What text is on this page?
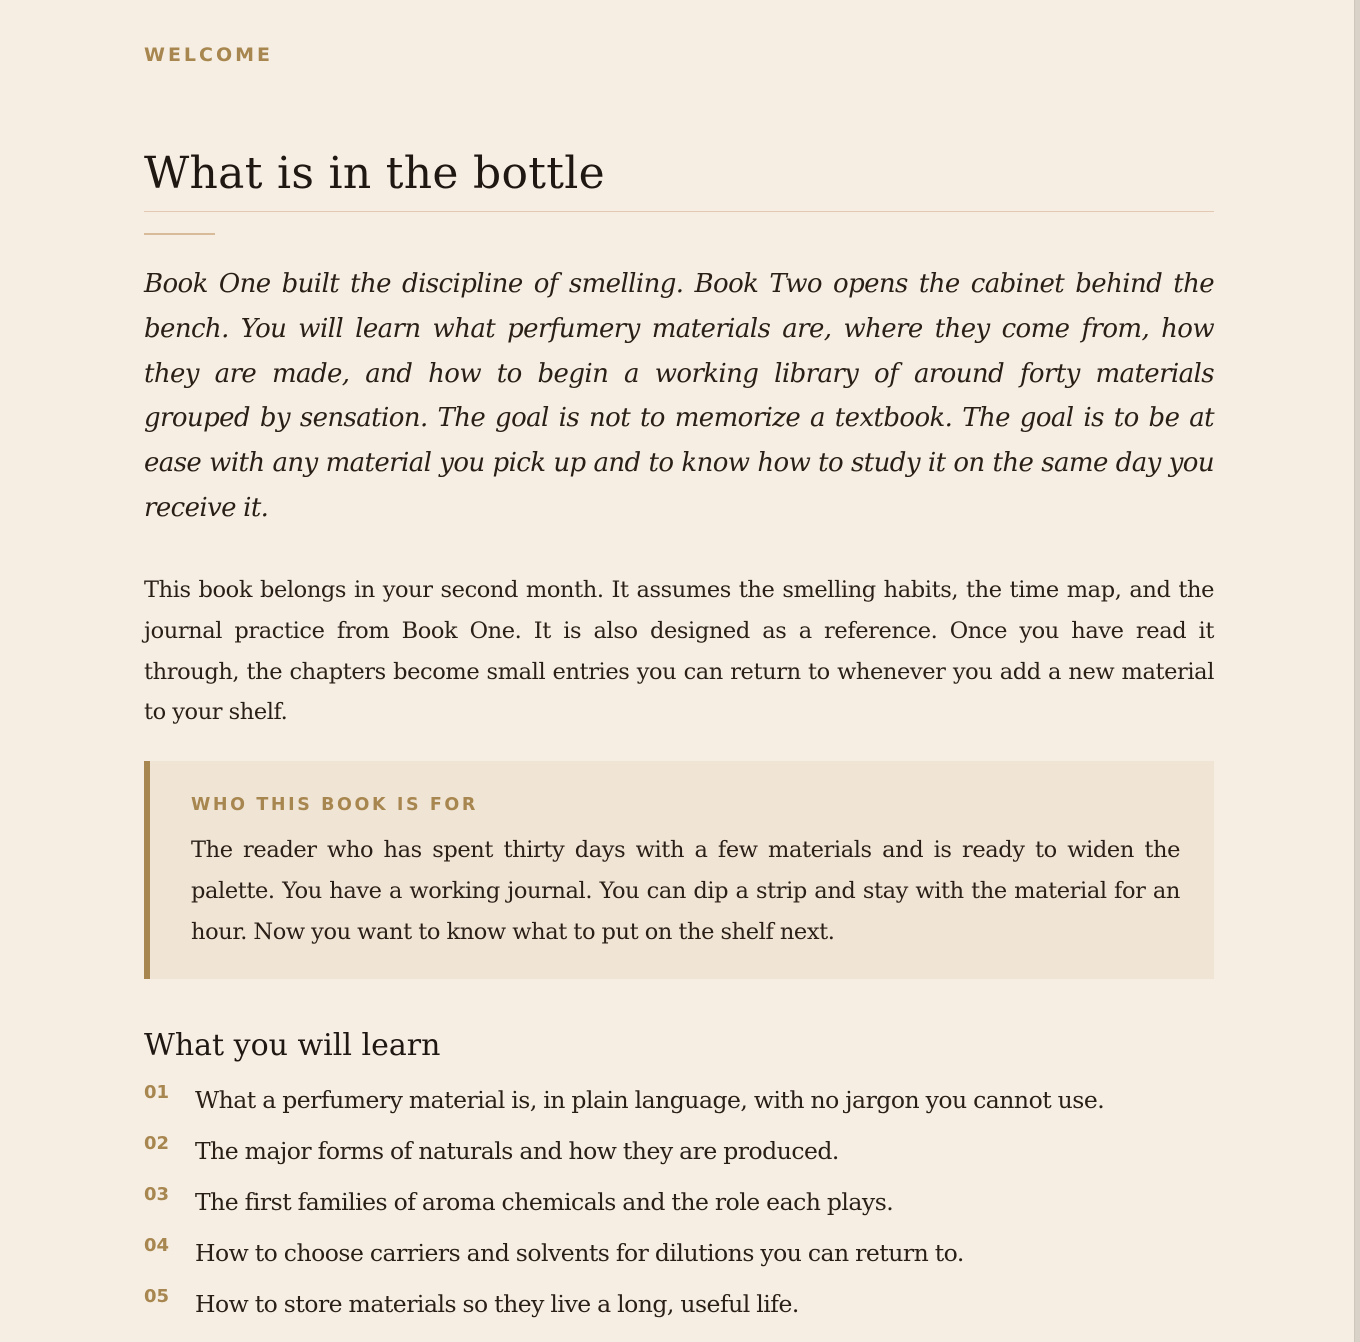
WELCOME

What is in the bottle

Book One built the discipline of smelling. Book Two opens the cabinet behind the bench. You will learn what perfumery materials are, where they come from, how they are made, and how to begin a working library of around forty materials grouped by sensation. The goal is not to memorize a textbook. The goal is to be at ease with any material you pick up and to know how to study it on the same day you receive it.

This book belongs in your second month. It assumes the smelling habits, the time map, and the journal practice from Book One. It is also designed as a reference. Once you have read it through, the chapters become small entries you can return to whenever you add a new material to your shelf.

WHO THIS BOOK IS FOR

The reader who has spent thirty days with a few materials and is ready to widen the palette. You have a working journal. You can dip a strip and stay with the material for an hour. Now you want to know what to put on the shelf next.

What you will learn
01 What a perfumery material is, in plain language, with no jargon you cannot use.
02 The major forms of naturals and how they are produced.
03 The first families of aroma chemicals and the role each plays.
04 How to choose carriers and solvents for dilutions you can return to.
05 How to store materials so they live a long, useful life.
